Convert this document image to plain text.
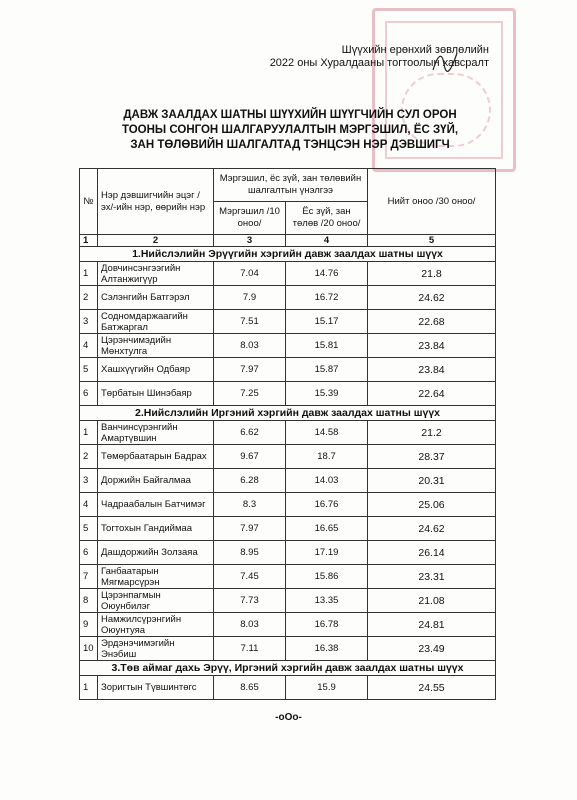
Шүүхийн ерөнхий зөвлөлийн
2022 оны Хуралдааны тогтоолын хавсралт
ДАВЖ ЗААЛДАХ ШАТНЫ ШҮҮХИЙН ШҮҮГЧИЙН СУЛ ОРОН
ТООНЫ СОНГОН ШАЛГАРУУЛАЛТЫН МЭРГЭШИЛ, ЁС ЗҮЙ,
ЗАН ТӨЛӨВИЙН ШАЛГАЛТАД ТЭНЦСЭН НЭР ДЭВШИГЧ
№	Нэр дэвшигчийн эцэг /эх/-ийн нэр, өөрийн нэр	Мэргэшил, ёс зүй, зан төлөвийн шалгалтын үнэлгээ		Нийт оноо /30 оноо/
		Мэргэшил /10 оноо/	Ёс зүй, зан төлөв /20 оноо/	
1	2	3	4	5
1.Нийслэлийн Эрүүгийн хэргийн давж заалдах шатны шүүх				
1	Довчинсэнгээгийн Алтанжигүүр	7.04	14.76	21.8
2	Сэлэнгийн Батгэрэл	7.9	16.72	24.62
3	Содномдаржаагийн Батжаргал	7.51	15.17	22.68
4	Цэрэнчимэдийн Мөнхтулга	8.03	15.81	23.84
5	Хашхүүгийн Одбаяр	7.97	15.87	23.84
6	Төрбатын Шинэбаяр	7.25	15.39	22.64
2.Нийслэлийн Иргэний хэргийн давж заалдах шатны шүүх				
1	Ванчинсүрэнгийн Амартүвшин	6.62	14.58	21.2
2	Төмөрбаатарын Бадрах	9.67	18.7	28.37
3	Доржийн Байгалмаа	6.28	14.03	20.31
4	Чадраабалын Батчимэг	8.3	16.76	25.06
5	Тогтохын Гандиймаа	7.97	16.65	24.62
6	Дашдоржийн Золзаяа	8.95	17.19	26.14
7	Ганбаатарын Мягмарсүрэн	7.45	15.86	23.31
8	Цэрэнпагмын Оюунбилэг	7.73	13.35	21.08
9	Намжилсүрэнгийн Оюунтуяа	8.03	16.78	24.81
10	Эрдэнэчимэгийн Энэбиш	7.11	16.38	23.49
3.Төв аймаг дахь Эрүү, Иргэний хэргийн давж заалдах шатны шүүх				
1	Зоригтын Түвшинтөгс	8.65	15.9	24.55
-oOo-
